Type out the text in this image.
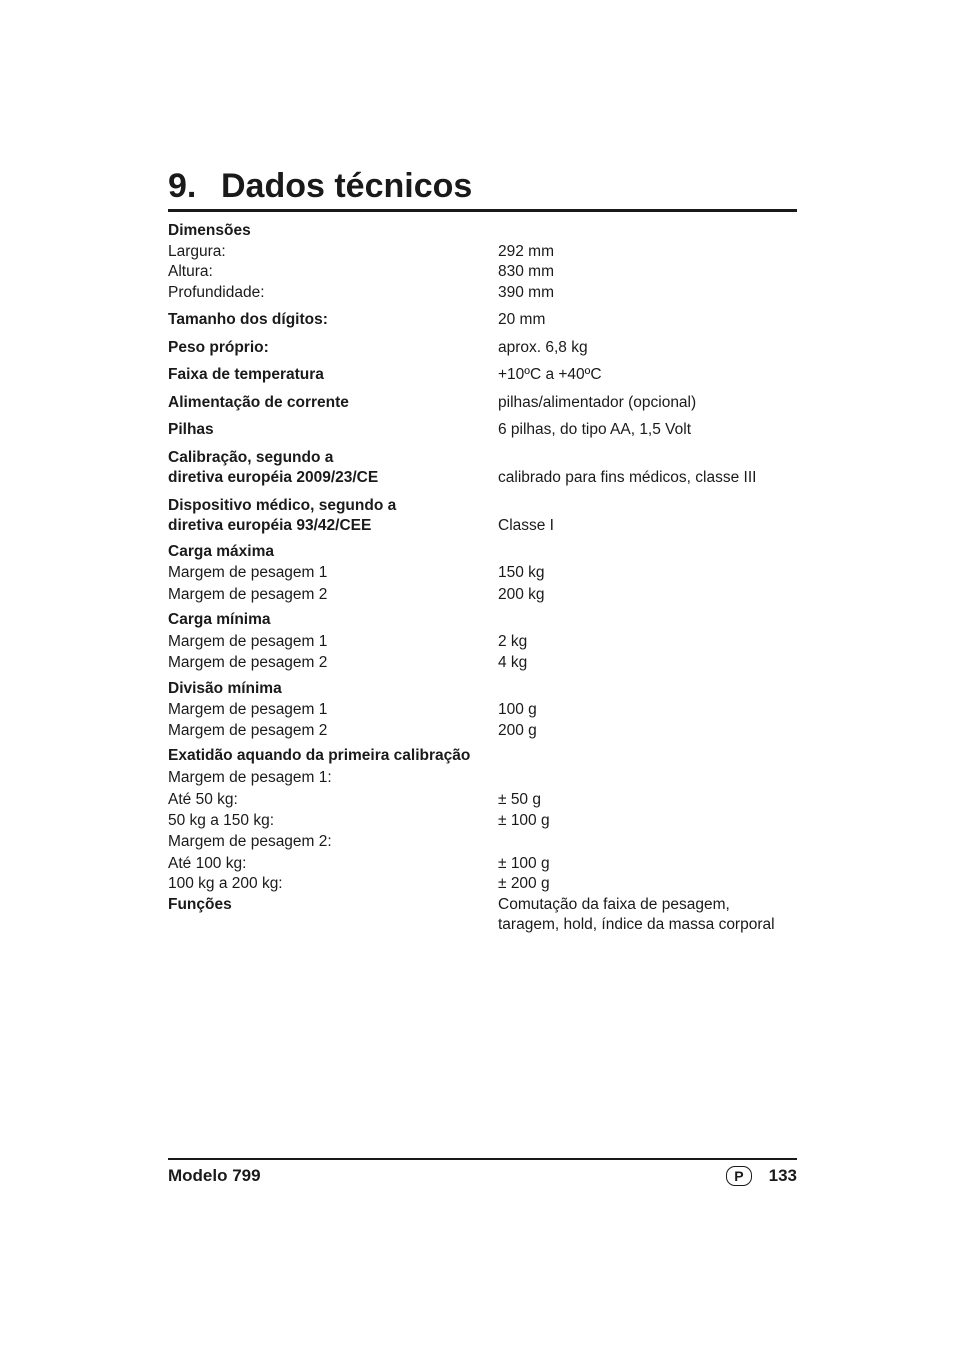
9. Dados técnicos
Dimensões
Largura:	292 mm
Altura:	830 mm
Profundidade:	390 mm
Tamanho dos dígitos:	20 mm
Peso próprio:	aprox. 6,8 kg
Faixa de temperatura	+10ºC a +40ºC
Alimentação de corrente	pilhas/alimentador (opcional)
Pilhas	6 pilhas, do tipo AA, 1,5 Volt
Calibração, segundo a
diretiva européia 2009/23/CE	calibrado para fins médicos, classe III
Dispositivo médico, segundo a
diretiva européia 93/42/CEE	Classe I
Carga máxima
Margem de pesagem 1	150 kg
Margem de pesagem 2	200 kg
Carga mínima
Margem de pesagem 1	2 kg
Margem de pesagem 2	4 kg
Divisão mínima
Margem de pesagem 1	100 g
Margem de pesagem 2	200 g
Exatidão aquando da primeira calibração
Margem de pesagem 1:
Até 50 kg:	± 50 g
50 kg a 150 kg:	± 100 g
Margem de pesagem 2:
Até 100 kg:	± 100 g
100 kg a 200 kg:	± 200 g
Funções	Comutação da faixa de pesagem,
taragem, hold, índice da massa corporal
Modelo 799	P	133
